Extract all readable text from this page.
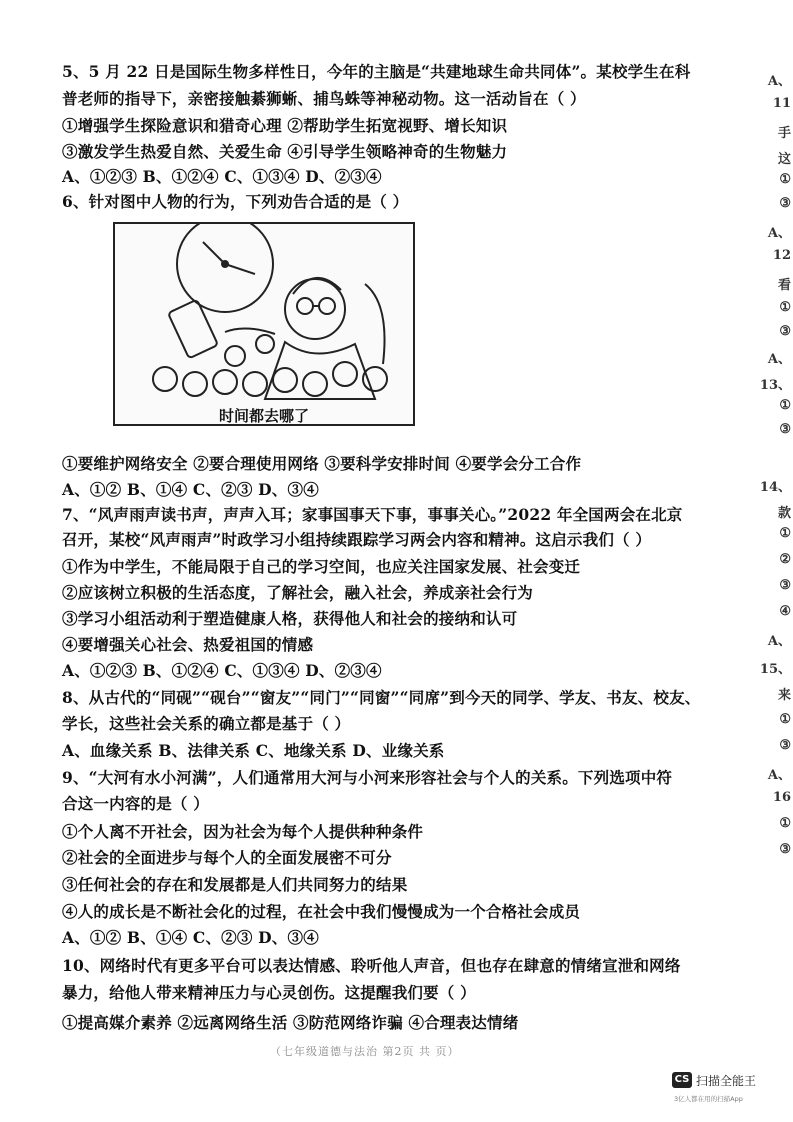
5、5 月 22 日是国际生物多样性日，今年的主脑是“共建地球生命共同体”。某校学生在科
普老师的指导下，亲密接触綦狮蜥、捕鸟蛛等神秘动物。这一活动旨在（ ）
①增强学生探险意识和猎奇心理 ②帮助学生拓宽视野、增长知识
③激发学生热爱自然、关爱生命 ④引导学生领略神奇的生物魅力
A、①②③ B、①②④ C、①③④ D、②③④
6、针对图中人物的行为，下列劝告合适的是（ ）
时间都去哪了
①要维护网络安全 ②要合理使用网络 ③要科学安排时间 ④要学会分工合作
A、①② B、①④ C、②③ D、③④
7、“风声雨声读书声，声声入耳；家事国事天下事，事事关心。”2022 年全国两会在北京
召开，某校“风声雨声”时政学习小组持续跟踪学习两会内容和精神。这启示我们（ ）
①作为中学生，不能局限于自己的学习空间，也应关注国家发展、社会变迁
②应该树立积极的生活态度，了解社会，融入社会，养成亲社会行为
③学习小组活动利于塑造健康人格，获得他人和社会的接纳和认可
④要增强关心社会、热爱祖国的情感
A、①②③ B、①②④ C、①③④ D、②③④
8、从古代的“同砚”“砚台”“窗友”“同门”“同窗”“同席”到今天的同学、学友、书友、校友、
学长，这些社会关系的确立都是基于（ ）
A、血缘关系 B、法律关系 C、地缘关系 D、业缘关系
9、“大河有水小河满”，人们通常用大河与小河来形容社会与个人的关系。下列选项中符
合这一内容的是（ ）
①个人离不开社会，因为社会为每个人提供种种条件
②社会的全面进步与每个人的全面发展密不可分
③任何社会的存在和发展都是人们共同努力的结果
④人的成长是不断社会化的过程，在社会中我们慢慢成为一个合格社会成员
A、①② B、①④ C、②③ D、③④
10、网络时代有更多平台可以表达情感、聆听他人声音，但也存在肆意的情绪宣泄和网络
暴力，给他人带来精神压力与心灵创伤。这提醒我们要（ ）
①提高媒介素养 ②远离网络生活 ③防范网络诈骗 ④合理表达情绪
（七年级道德与法治 第2页 共 页）
A、
11
手
这
①
③
A、
12
看
①
③
A、
13、
①
③
14、
款
①
②
③
④
A、
15、
来
①
③
A、
16
①
③
CS 扫描全能王
3亿人都在用的扫描App
